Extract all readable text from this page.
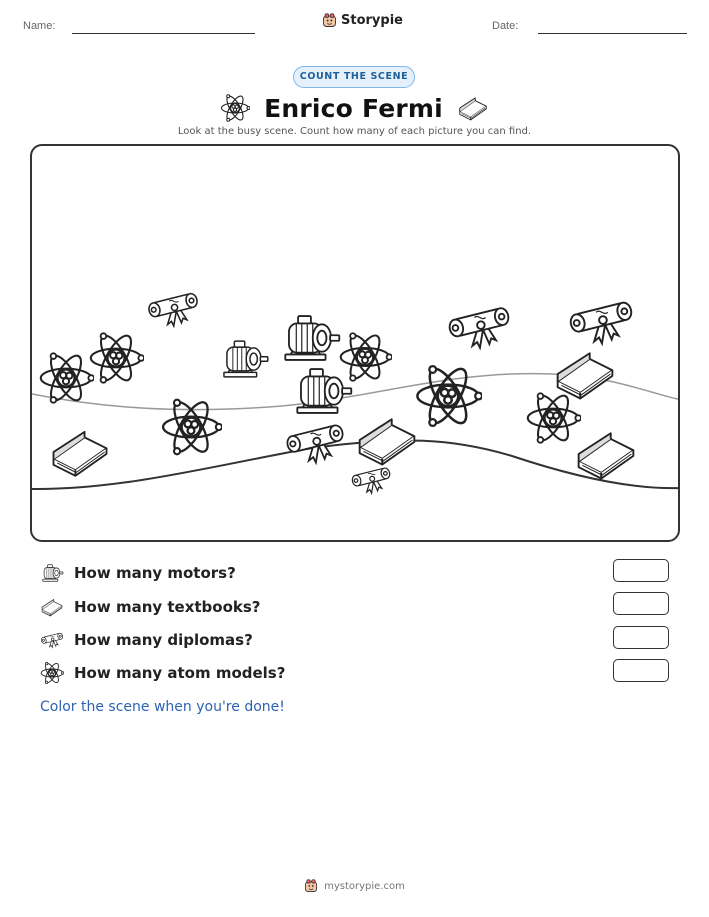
Name:	Storypie	Date:
COUNT THE SCENE
Enrico Fermi
Look at the busy scene. Count how many of each picture you can find.
How many motors?
How many textbooks?
How many diplomas?
How many atom models?
Color the scene when you're done!
mystorypie.com
